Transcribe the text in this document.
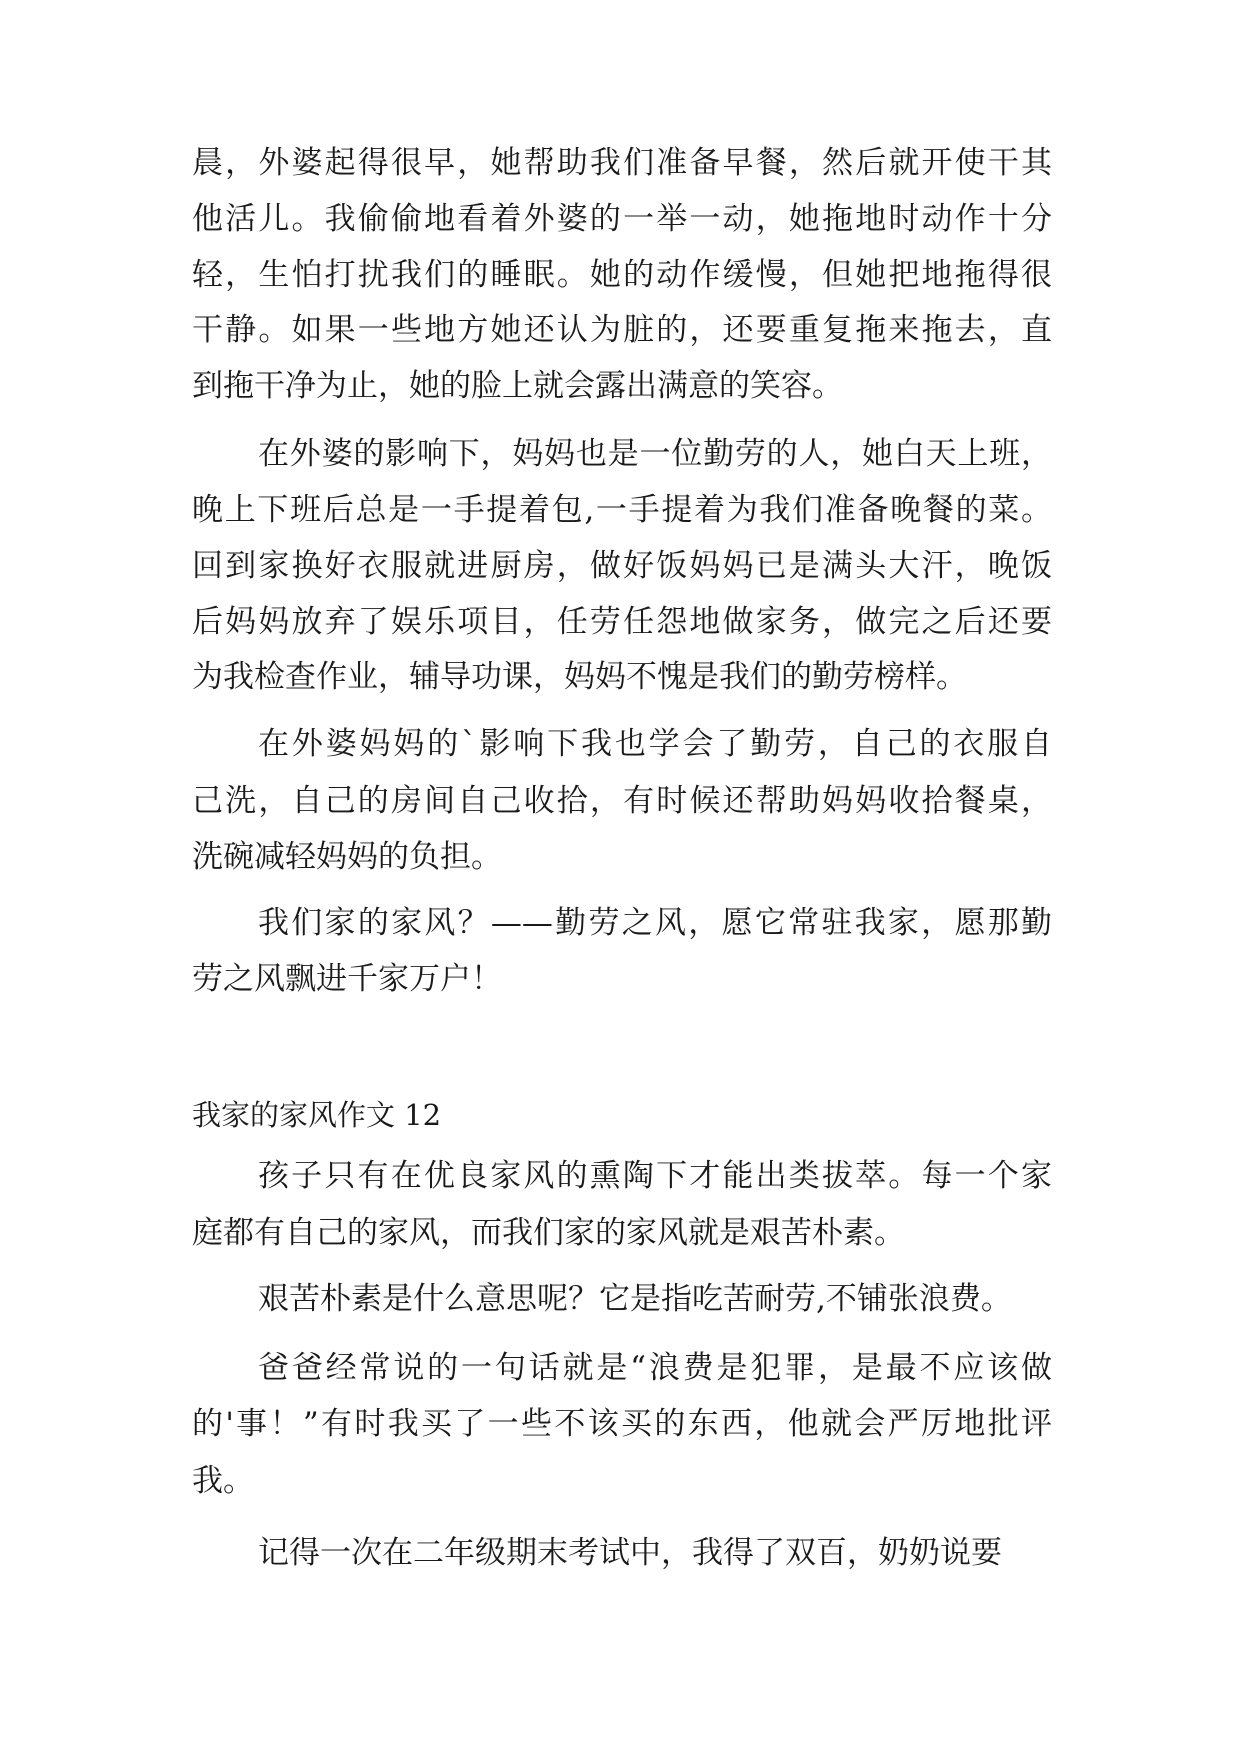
晨，外婆起得很早，她帮助我们准备早餐，然后就开使干其
他活儿。我偷偷地看着外婆的一举一动，她拖地时动作十分
轻，生怕打扰我们的睡眠。她的动作缓慢，但她把地拖得很
干静。如果一些地方她还认为脏的，还要重复拖来拖去，直
到拖干净为止，她的脸上就会露出满意的笑容。
在外婆的影响下，妈妈也是一位勤劳的人，她白天上班，
晚上下班后总是一手提着包,一手提着为我们准备晚餐的菜。
回到家换好衣服就进厨房，做好饭妈妈已是满头大汗，晚饭
后妈妈放弃了娱乐项目，任劳任怨地做家务，做完之后还要
为我检查作业，辅导功课，妈妈不愧是我们的勤劳榜样。
在外婆妈妈的`影响下我也学会了勤劳，自己的衣服自
己洗，自己的房间自己收拾，有时候还帮助妈妈收拾餐桌，
洗碗减轻妈妈的负担。
我们家的家风？——勤劳之风，愿它常驻我家，愿那勤
劳之风飘进千家万户！
我家的家风作文 12
孩子只有在优良家风的熏陶下才能出类拔萃。每一个家
庭都有自己的家风，而我们家的家风就是艰苦朴素。
艰苦朴素是什么意思呢？它是指吃苦耐劳,不铺张浪费。
爸爸经常说的一句话就是“浪费是犯罪，是最不应该做
的'事！”有时我买了一些不该买的东西，他就会严厉地批评
我。
记得一次在二年级期末考试中，我得了双百，奶奶说要
